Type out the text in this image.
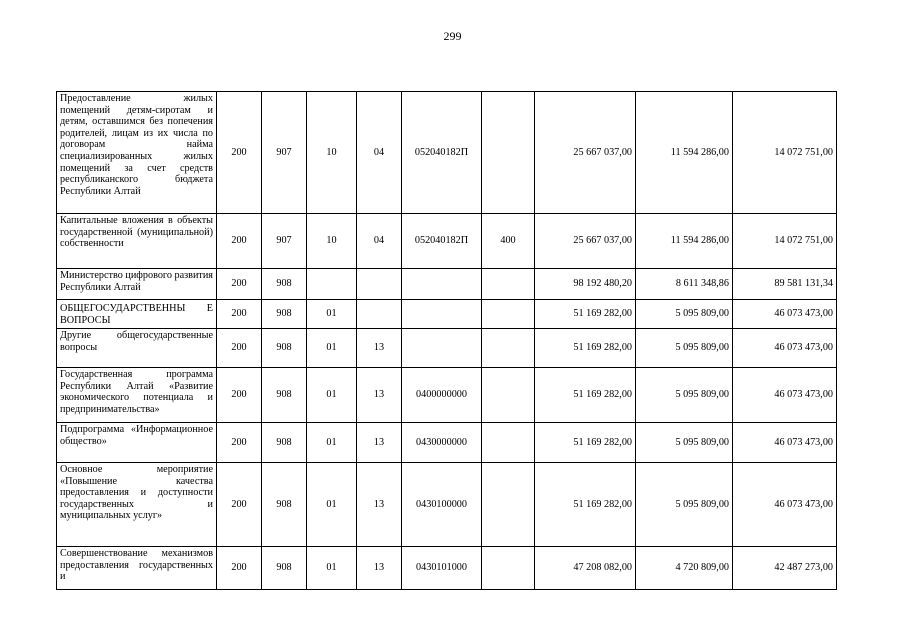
299
Предоставление жилых помещений детям-сиротам и детям, оставшимся без попечения родителей, лицам из их числа по договорам найма специализированных жилых помещений за счет средств республиканского бюджета Республики Алтай	200	907	10	04	052040182П		25 667 037,00	11 594 286,00	14 072 751,00
Капитальные вложения в объекты государственной (муниципальной) собственности	200	907	10	04	052040182П	400	25 667 037,00	11 594 286,00	14 072 751,00
Министерство цифрового развития Республики Алтай	200	908					98 192 480,20	8 611 348,86	89 581 131,34
ОБЩЕГОСУДАРСТВЕННЫ Е ВОПРОСЫ	200	908	01				51 169 282,00	5 095 809,00	46 073 473,00
Другие общегосударственные вопросы	200	908	01	13			51 169 282,00	5 095 809,00	46 073 473,00
Государственная программа Республики Алтай «Развитие экономического потенциала и предпринимательства»	200	908	01	13	0400000000		51 169 282,00	5 095 809,00	46 073 473,00
Подпрограмма «Информационное общество»	200	908	01	13	0430000000		51 169 282,00	5 095 809,00	46 073 473,00
Основное мероприятие «Повышение качества предоставления и доступности государственных и муниципальных услуг»	200	908	01	13	0430100000		51 169 282,00	5 095 809,00	46 073 473,00
Совершенствование механизмов предоставления государственных и	200	908	01	13	0430101000		47 208 082,00	4 720 809,00	42 487 273,00
